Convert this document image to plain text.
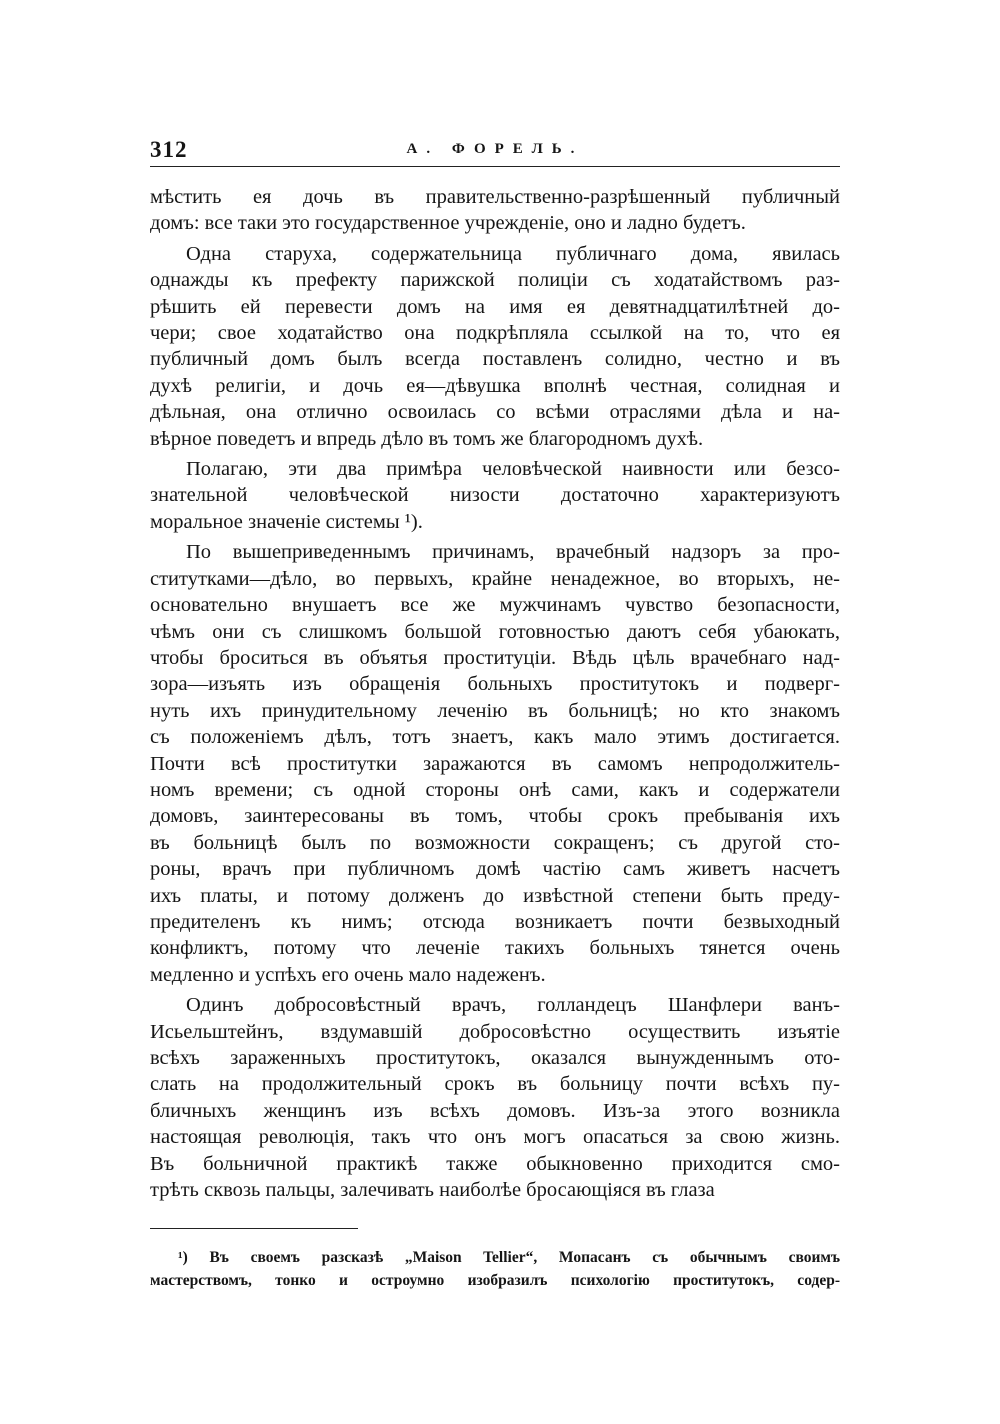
312	А. ФОРЕЛЬ.
мѣстить ея дочь въ правительственно-разрѣшенный публичный
домъ: все таки это государственное учрежденіе, оно и ладно будетъ.
Одна старуха, содержательница публичнаго дома, явилась
однажды къ префекту парижской полиціи съ ходатайствомъ раз-
рѣшить ей перевести домъ на имя ея девятнадцатилѣтней до-
чери; свое ходатайство она подкрѣпляла ссылкой на то, что ея
публичный домъ былъ всегда поставленъ солидно, честно и въ
духѣ религіи, и дочь ея—дѣвушка вполнѣ честная, солидная и
дѣльная, она отлично освоилась со всѣми отраслями дѣла и на-
вѣрное поведетъ и впредь дѣло въ томъ же благородномъ духѣ.
Полагаю, эти два примѣра человѣческой наивности или безсо-
знательной человѣческой низости достаточно характеризуютъ
моральное значеніе системы ¹).
По вышеприведеннымъ причинамъ, врачебный надзоръ за про-
ститутками—дѣло, во первыхъ, крайне ненадежное, во вторыхъ, не-
основательно внушаетъ все же мужчинамъ чувство безопасности,
чѣмъ они съ слишкомъ большой готовностью даютъ себя убаюкать,
чтобы броситься въ объятья проституціи. Вѣдь цѣль врачебнаго над-
зора—изъять изъ обращенія больныхъ проститутокъ и подверг-
нуть ихъ принудительному леченію въ больницѣ; но кто знакомъ
съ положеніемъ дѣлъ, тотъ знаетъ, какъ мало этимъ достигается.
Почти всѣ проститутки заражаются въ самомъ непродолжитель-
номъ времени; съ одной стороны онѣ сами, какъ и содержатели
домовъ, заинтересованы въ томъ, чтобы срокъ пребыванія ихъ
въ больницѣ былъ по возможности сокращенъ; съ другой сто-
роны, врачъ при публичномъ домѣ частію самъ живетъ насчетъ
ихъ платы, и потому долженъ до извѣстной степени быть преду-
предителенъ къ нимъ; отсюда возникаетъ почти безвыходный
конфликтъ, потому что леченіе такихъ больныхъ тянется очень
медленно и успѣхъ его очень мало надеженъ.
Одинъ добросовѣстный врачъ, голландецъ Шанфлери ванъ-
Исьельштейнъ, вздумавшій добросовѣстно осуществить изъятіе
всѣхъ зараженныхъ проститутокъ, оказался вынужденнымъ ото-
слать на продолжительный срокъ въ больницу почти всѣхъ пу-
бличныхъ женщинъ изъ всѣхъ домовъ. Изъ-за этого возникла
настоящая революція, такъ что онъ могъ опасаться за свою жизнь.
Въ больничной практикѣ также обыкновенно приходится смо-
трѣть сквозь пальцы, залечивать наиболѣе бросающіяся въ глаза
¹) Въ своемъ разсказѣ „Maison Tellier“, Мопасанъ съ обычнымъ своимъ
мастерствомъ, тонко и остроумно изобразилъ психологію проститутокъ, содер-
